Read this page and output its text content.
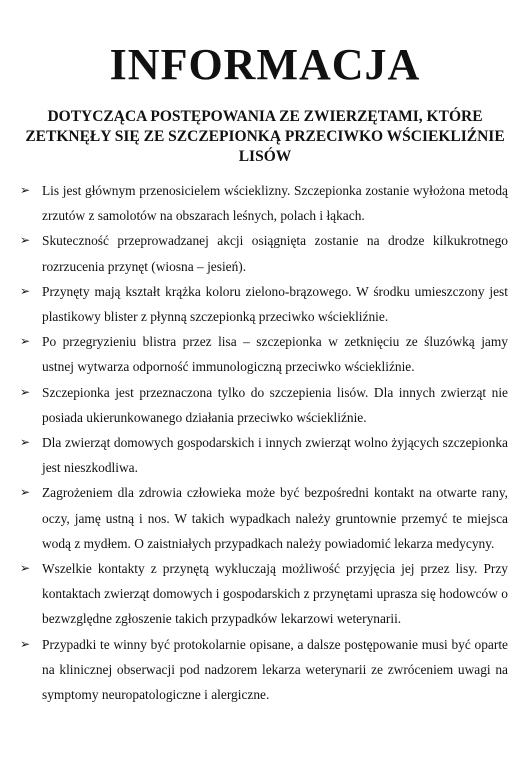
INFORMACJA
DOTYCZĄCA POSTĘPOWANIA ZE ZWIERZĘTAMI, KTÓRE ZETKNĘŁY SIĘ ZE SZCZEPIONKĄ PRZECIWKO WŚCIEKLIŹNIE LISÓW
➢ Lis jest głównym przenosicielem wścieklizny. Szczepionka zostanie wyłożona metodą zrzutów z samolotów na obszarach leśnych, polach i łąkach.
➢ Skuteczność przeprowadzanej akcji osiągnięta zostanie na drodze kilkukrotnego rozrzucenia przynęt (wiosna – jesień).
➢ Przynęty mają kształt krążka koloru zielono-brązowego. W środku umieszczony jest plastikowy blister z płynną szczepionką przeciwko wściekliźnie.
➢ Po przegryzieniu blistra przez lisa – szczepionka w zetknięciu ze śluzówką jamy ustnej wytwarza odporność immunologiczną przeciwko wściekliźnie.
➢ Szczepionka jest przeznaczona tylko do szczepienia lisów. Dla innych zwierząt nie posiada ukierunkowanego działania przeciwko wściekliźnie.
➢ Dla zwierząt domowych gospodarskich i innych zwierząt wolno żyjących szczepionka jest nieszkodliwa.
➢ Zagrożeniem dla zdrowia człowieka może być bezpośredni kontakt na otwarte rany, oczy, jamę ustną i nos. W takich wypadkach należy gruntownie przemyć te miejsca wodą z mydłem. O zaistniałych przypadkach należy powiadomić lekarza medycyny.
➢ Wszelkie kontakty z przynętą wykluczają możliwość przyjęcia jej przez lisy. Przy kontaktach zwierząt domowych i gospodarskich z przynętami uprasza się hodowców o bezwzględne zgłoszenie takich przypadków lekarzowi weterynarii.
➢ Przypadki te winny być protokolarnie opisane, a dalsze postępowanie musi być oparte na klinicznej obserwacji pod nadzorem lekarza weterynarii ze zwróceniem uwagi na symptomy neuropatologiczne i alergiczne.
